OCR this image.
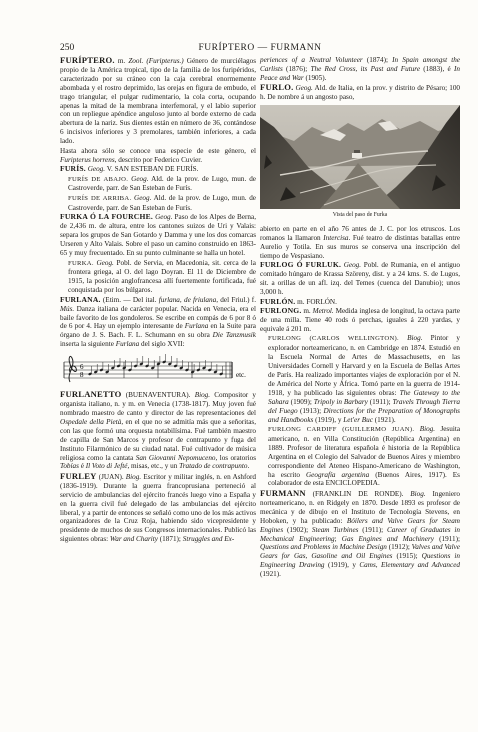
250	FURÍPTERO — FURMANN

FURÍPTERO. m. Zool. (Furipterus.) Género de murciélagos propio de la América tropical, tipo de la familia de los furipéridos, caracterizado por su cráneo con la caja cerebral enormemente abombada y el rostro deprimido, las orejas en figura de embudo, el trago triangular, el pulgar rudimentario, la cola corta, ocupando apenas la mitad de la membrana interfemoral, y el labio superior con un repliegue apéndice anguloso junto al borde externo de cada abertura de la nariz. Sus dientes están en número de 36, contándose 6 incisivos inferiores y 3 premolares, también inferiores, a cada lado.

Hasta ahora sólo se conoce una especie de este género, el Furipterus horrens, descrito por Federico Cuvier.

FURÍS. Geog. V. SAN ESTEBAN DE FURÍS.

FURÍS DE ABAJO. Geog. Ald. de la prov. de Lugo, mun. de Castroverde, parr. de San Esteban de Furís.

FURÍS DE ARRIBA. Geog. Ald. de la prov. de Lugo, mun. de Castroverde, parr. de San Esteban de Furís.

FURKA Ó LA FOURCHE. Geog. Paso de los Alpes de Berna, de 2,436 m. de altura, entre los cantones suizos de Uri y Valais: separa los grupos de San Gotardo y Damma y une los dos comarcas Urseren y Alto Valais. Sobre el paso un camino construido en 1863-65 y muy frecuentado. En su punto culminante se halla un hotel.

FURKA. Geog. Pobl. de Servia, en Macedonia, sit. cerca de la frontera griega, al O. del lago Doyran. El 11 de Diciembre de 1915, la posición anglofrancesa allí fuertemente fortificada, fué conquistada por los búlgaros.

FURLANA. (Etim. — Del ital. furlana, de friulana, del Friul.) f. Mús. Danza italiana de carácter popular. Nacida en Venecia, era el baile favorito de los gondoleros. Se escribe en compás de 6 por 8 ó de 6 por 4. Hay un ejemplo interesante de Furlana en la Suite para órgano de J. S. Bach. F. L. Schumann en su obra Die Tanzmusik inserta la siguiente Furlana del siglo XVII:

6
8	etc.

FURLANETTO (BUENAVENTURA). Biog. Compositor y organista italiano, n. y m. en Venecia (1738-1817). Muy joven fué nombrado maestro de canto y director de las representaciones del Ospedale della Pietà, en el que no se admitía más que a señoritas, con las que formó una orquesta notabilísima. Fué también maestro de capilla de San Marcos y profesor de contrapunto y fuga del Instituto Filarmónico de su ciudad natal. Fué cultivador de música religiosa como la cantata San Giovanni Nepomuceno, los oratorios Tobías é Il Voto di Jefté, misas, etc., y un Tratado de contrapunto.

FURLEY (JUAN). Biog. Escritor y militar inglés, n. en Ashford (1836-1919). Durante la guerra francoprusiana perteneció al servicio de ambulancias del ejército francés luego vino a España y en la guerra civil fué delegado de las ambulancias del ejército liberal, y a partir de entonces se señaló como uno de los más activos organizadores de la Cruz Roja, habiendo sido vicepresidente y presidente de muchos de sus Congresos internacionales. Publicó las siguientes obras: War and Charity (1871); Struggles and Ex-

periences of a Neutral Volunteer (1874); In Spain amongst the Carlists (1876); The Red Cross, its Past and Future (1883), é In Peace and War (1905).

FURLO. Geog. Ald. de Italia, en la prov. y distrito de Pésaro; 100 h. De nombre á un angosto paso,

Vista del paso de Furka

abierto en parte en el año 76 antes de J. C. por los etruscos. Los romanos la llamaron Intercisa. Fué teatro de distintas batallas entre Aurelio y Totila. En sus muros se conserva una inscripción del tiempo de Vespasiano.

FURLOG Ó FURLUK. Geog. Pobl. de Rumania, en el antiguo comitado húngaro de Krassa Szöreny, dist. y a 24 kms. S. de Lugos, sit. a orillas de un afl. izq. del Temes (cuenca del Danubio); unos 3,000 h.

FURLÓN. m. FORLÓN.

FURLONG. m. Metrol. Medida inglesa de longitud, la octava parte de una milla. Tiene 40 rods ó perchas, iguales á 220 yardas, y equivale á 201 m.

FURLONG (CARLOS WELLINGTON). Biog. Pintor y explorador norteamericano, n. en Cambridge en 1874. Estudió en la Escuela Normal de Artes de Massachusetts, en las Universidades Cornell y Harvard y en la Escuela de Bellas Artes de París. Ha realizado importantes viajes de exploración por el N. de América del Norte y África. Tomó parte en la guerra de 1914-1918, y ha publicado las siguientes obras: The Gateway to the Sahara (1909); Tripoly in Barbary (1911); Travels Through Tierra del Fuego (1913); Directions for the Preparation of Monographs and Handbooks (1919), y Let'er Buc (1921).

FURLONG CARDIFF (GUILLERMO JUAN). Biog. Jesuita americano, n. en Villa Constitución (República Argentina) en 1889. Profesor de literatura española é historia de la República Argentina en el Colegio del Salvador de Buenos Aires y miembro correspondiente del Ateneo Hispano-Americano de Washington, ha escrito Geografía argentina (Buenos Aires, 1917). Es colaborador de esta ENCICLOPEDIA.

FURMANN (FRANKLIN DE RONDE). Biog. Ingeniero norteamericano, n. en Ridgely en 1870. Desde 1893 es profesor de mecánica y de dibujo en el Instituto de Tecnología Stevens, en Hoboken, y ha publicado: Bóilers and Valve Gears for Steam Engines (1902); Steam Turbines (1911); Career of Graduates in Mechanical Engineering; Gas Engines and Machinery (1911); Questions and Problems in Machine Design (1912); Valves and Valve Gears for Gas, Gasoline and Oil Engines (1915); Questions in Engineering Drawing (1919), y Cams, Elementary and Advanced (1921).
